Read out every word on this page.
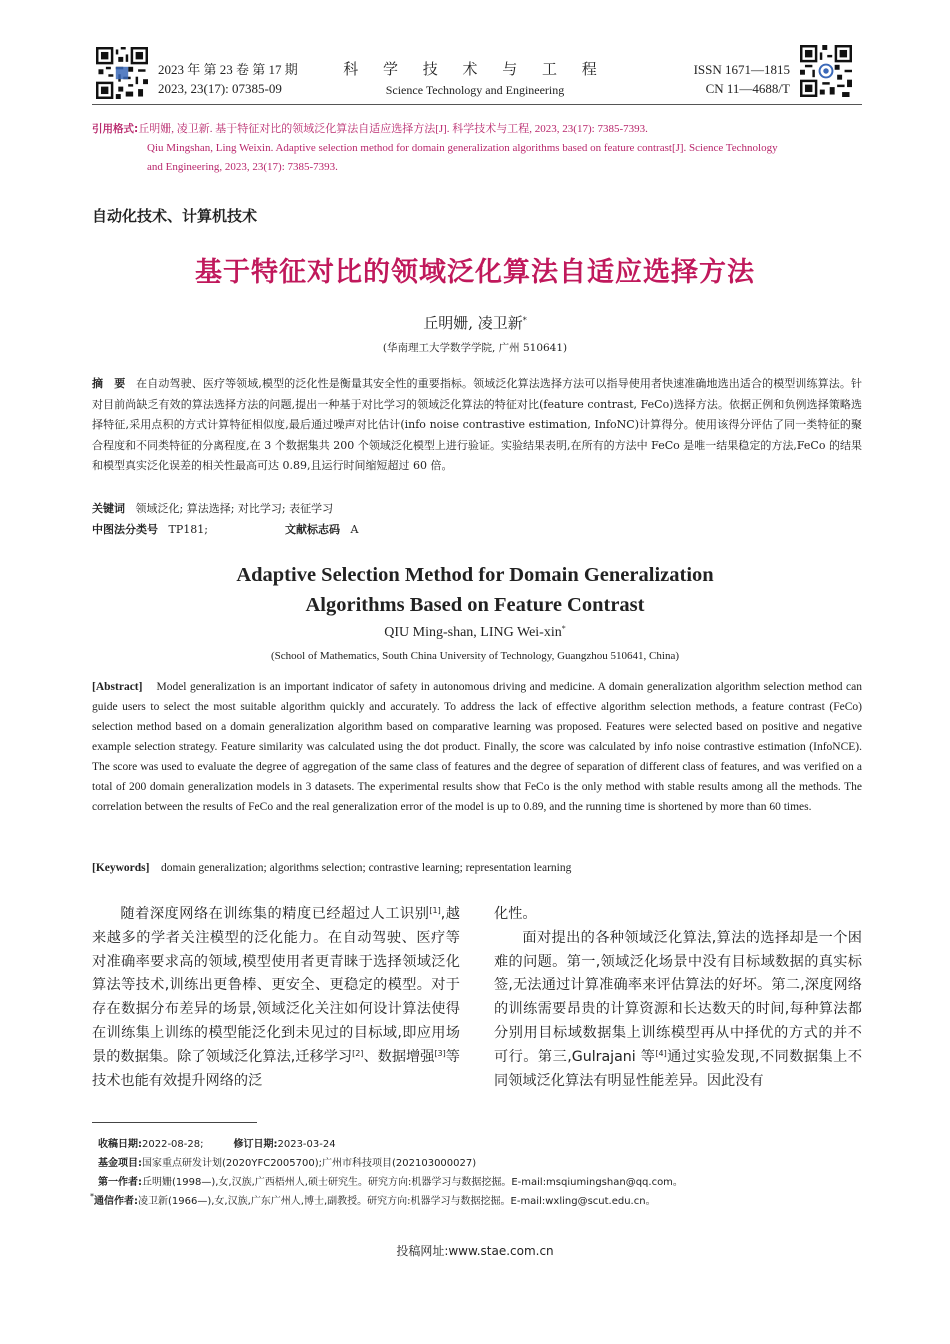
2023 年 第 23 卷 第 17 期
2023, 23(17): 07385-09
科 学 技 术 与 工 程
Science Technology and Engineering
ISSN 1671—1815
CN 11—4688/T
引用格式:丘明姗, 凌卫新. 基于特征对比的领域泛化算法自适应选择方法[J]. 科学技术与工程, 2023, 23(17): 7385-7393.
Qiu Mingshan, Ling Weixin. Adaptive selection method for domain generalization algorithms based on feature contrast[J]. Science Technology
and Engineering, 2023, 23(17): 7385-7393.
自动化技术、计算机技术
基于特征对比的领域泛化算法自适应选择方法
丘明姗, 凌卫新*
(华南理工大学数学学院, 广州 510641)
摘　要 在自动驾驶、医疗等领域,模型的泛化性是衡量其安全性的重要指标。领域泛化算法选择方法可以指导使用者快速准确地选出适合的模型训练算法。针对目前尚缺乏有效的算法选择方法的问题,提出一种基于对比学习的领域泛化算法的特征对比(feature contrast, FeCo)选择方法。依据正例和负例选择策略选择特征,采用点积的方式计算特征相似度,最后通过噪声对比估计(info noise contrastive estimation, InfoNC)计算得分。使用该得分评估了同一类特征的聚合程度和不同类特征的分离程度,在 3 个数据集共 200 个领域泛化模型上进行验证。实验结果表明,在所有的方法中 FeCo 是唯一结果稳定的方法,FeCo 的结果和模型真实泛化误差的相关性最高可达 0.89,且运行时间缩短超过 60 倍。
关键词 领域泛化; 算法选择; 对比学习; 表征学习
中图法分类号 TP181;	文献标志码 A
Adaptive Selection Method for Domain Generalization
Algorithms Based on Feature Contrast
QIU Ming-shan, LING Wei-xin*
(School of Mathematics, South China University of Technology, Guangzhou 510641, China)
[Abstract] Model generalization is an important indicator of safety in autonomous driving and medicine. A domain generalization algorithm selection method can guide users to select the most suitable algorithm quickly and accurately. To address the lack of effective algorithm selection methods, a feature contrast (FeCo) selection method based on a domain generalization algorithm based on comparative learning was proposed. Features were selected based on positive and negative example selection strategy. Feature similarity was calculated using the dot product. Finally, the score was calculated by info noise contrastive estimation (InfoNCE). The score was used to evaluate the degree of aggregation of the same class of features and the degree of separation of different class of features, and was verified on a total of 200 domain generalization models in 3 datasets. The experimental results show that FeCo is the only method with stable results among all the methods. The correlation between the results of FeCo and the real generalization error of the model is up to 0.89, and the running time is shortened by more than 60 times.
[Keywords] domain generalization; algorithms selection; contrastive learning; representation learning

随着深度网络在训练集的精度已经超过人工识别[1],越来越多的学者关注模型的泛化能力。在自动驾驶、医疗等对准确率要求高的领域,模型使用者更青睐于选择领域泛化算法等技术,训练出更鲁棒、更安全、更稳定的模型。对于存在数据分布差异的场景,领域泛化关注如何设计算法使得在训练集上训练的模型能泛化到未见过的目标域,即应用场景的数据集。除了领域泛化算法,迁移学习[2]、数据增强[3]等技术也能有效提升网络的泛

化性。

面对提出的各种领域泛化算法,算法的选择却是一个困难的问题。第一,领域泛化场景中没有目标域数据的真实标签,无法通过计算准确率来评估算法的好坏。第二,深度网络的训练需要昂贵的计算资源和长达数天的时间,每种算法都分别用目标域数据集上训练模型再从中择优的方式的并不可行。第三,Gulrajani 等[4]通过实验发现,不同数据集上不同领域泛化算法有明显性能差异。因此没有

收稿日期:2022-08-28;	修订日期:2023-03-24
基金项目:国家重点研发计划(2020YFC2005700);广州市科技项目(202103000027)
第一作者:丘明姗(1998—),女,汉族,广西梧州人,硕士研究生。研究方向:机器学习与数据挖掘。E-mail:msqiumingshan@qq.com。
*通信作者:凌卫新(1966—),女,汉族,广东广州人,博士,副教授。研究方向:机器学习与数据挖掘。E-mail:wxling@scut.edu.cn。
投稿网址:www.stae.com.cn
